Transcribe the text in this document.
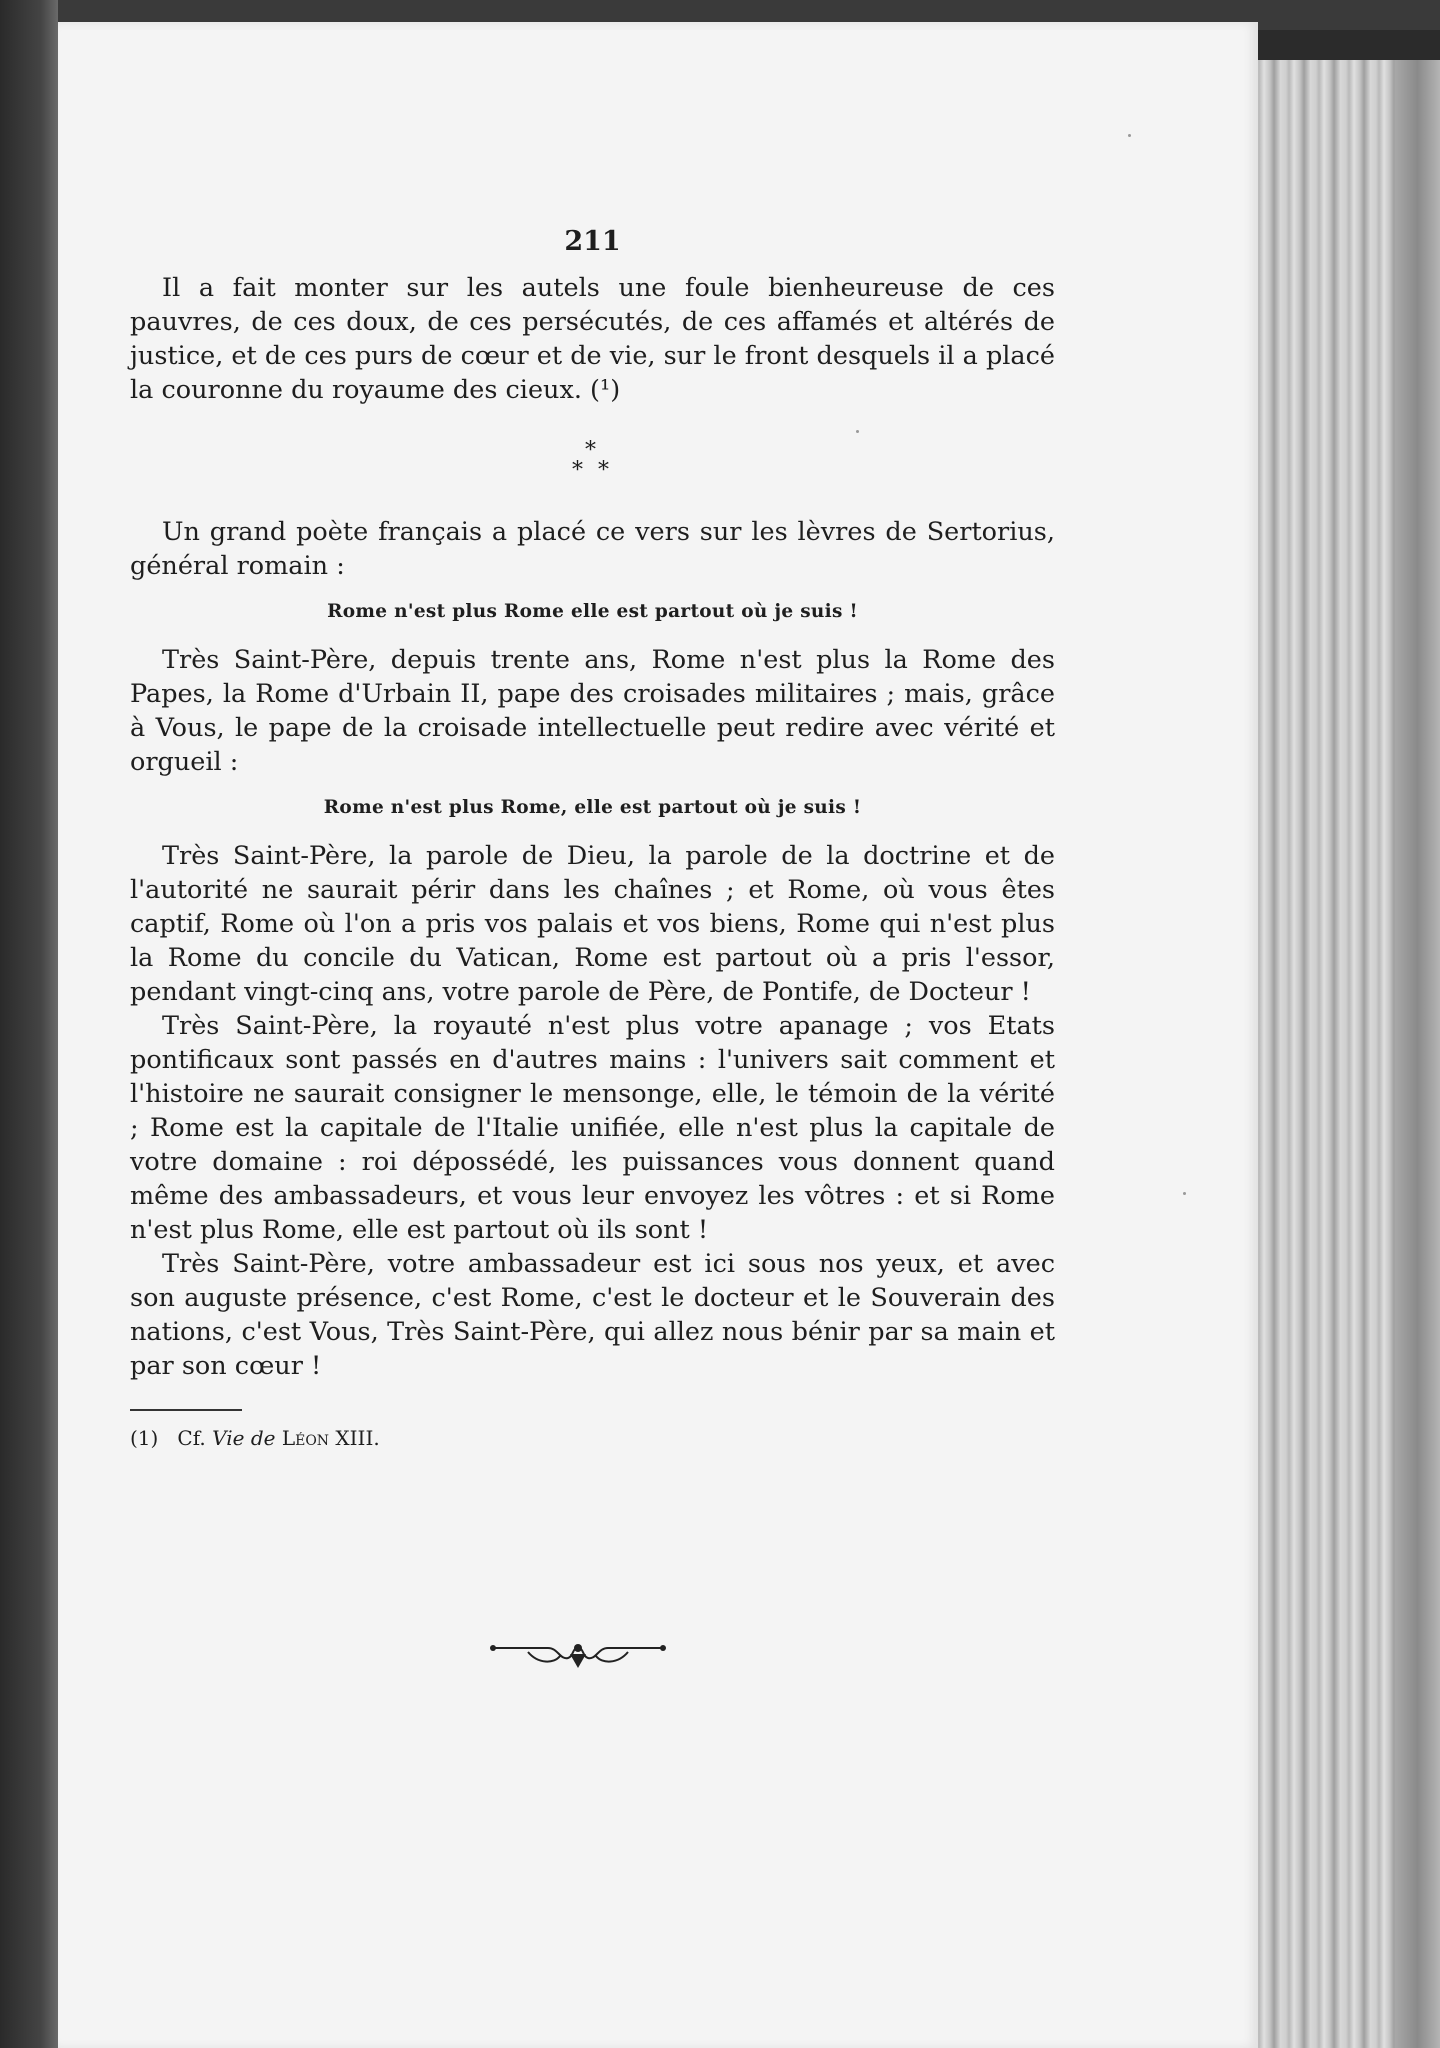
211

Il a fait monter sur les autels une foule bienheureuse de ces pauvres, de ces doux, de ces persécutés, de ces affamés et altérés de justice, et de ces purs de cœur et de vie, sur le front desquels il a placé la couronne du royaume des cieux. (¹)

*
* *

Un grand poète français a placé ce vers sur les lèvres de Sertorius, général romain :

Rome n'est plus Rome elle est partout où je suis !

Très Saint-Père, depuis trente ans, Rome n'est plus la Rome des Papes, la Rome d'Urbain II, pape des croisades militaires ; mais, grâce à Vous, le pape de la croisade intellectuelle peut redire avec vérité et orgueil :

Rome n'est plus Rome, elle est partout où je suis !

Très Saint-Père, la parole de Dieu, la parole de la doctrine et de l'autorité ne saurait périr dans les chaînes ; et Rome, où vous êtes captif, Rome où l'on a pris vos palais et vos biens, Rome qui n'est plus la Rome du concile du Vatican, Rome est partout où a pris l'essor, pendant vingt-cinq ans, votre parole de Père, de Pontife, de Docteur !

Très Saint-Père, la royauté n'est plus votre apanage ; vos Etats pontificaux sont passés en d'autres mains : l'univers sait comment et l'histoire ne saurait consigner le mensonge, elle, le témoin de la vérité ; Rome est la capitale de l'Italie unifiée, elle n'est plus la capitale de votre domaine : roi dépossédé, les puissances vous donnent quand même des ambassadeurs, et vous leur envoyez les vôtres : et si Rome n'est plus Rome, elle est partout où ils sont !

Très Saint-Père, votre ambassadeur est ici sous nos yeux, et avec son auguste présence, c'est Rome, c'est le docteur et le Souverain des nations, c'est Vous, Très Saint-Père, qui allez nous bénir par sa main et par son cœur !

(1) Cf. Vie de Léon XIII.
